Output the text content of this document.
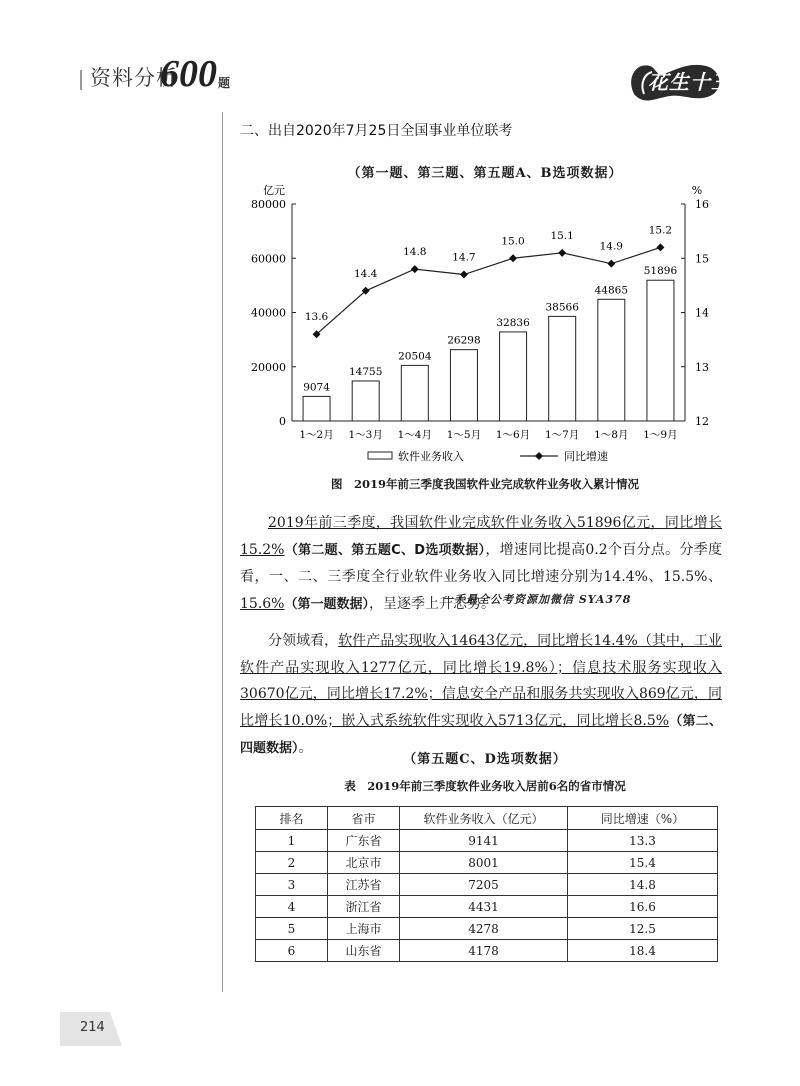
资料分析
600 题	花生十三
二、出自2020年7月25日全国事业单位联考
（第一题、第三题、第五题A、B选项数据）
亿元	%
0
20000
40000
60000
80000
12
13
14
15
16
1～2月 1～3月 1～4月 1～5月 1～6月 1～7月 1～8月 1～9月
9074
14755
20504
26298
32836
38566
44865
51896
13.6
14.4
14.8 14.7
15.0 15.1
14.9
15.2
软件业务收入	同比增速
图　2019年前三季度我国软件业完成软件业务收入累计情况
2019年前三季度，我国软件业完成软件业务收入51896亿元，同比增长15.2%（第二题、第五题C、D选项数据），增速同比提高0.2个百分点。分季度看，一、二、三季度全行业软件业务收入同比增速分别为14.4%、15.5%、15.6%（第一题数据），呈逐季上升态势。
一手最全公考资源加微信 SYA378
分领域看，软件产品实现收入14643亿元，同比增长14.4%（其中，工业软件产品实现收入1277亿元，同比增长19.8%）；信息技术服务实现收入30670亿元，同比增长17.2%；信息安全产品和服务共实现收入869亿元，同比增长10.0%；嵌入式系统软件实现收入5713亿元，同比增长8.5%（第二、四题数据）。
（第五题C、D选项数据）
表　2019年前三季度软件业务收入居前6名的省市情况
排名	省市	软件业务收入（亿元）	同比增速（%）
1	广东省	9141	13.3
2	北京市	8001	15.4
3	江苏省	7205	14.8
4	浙江省	4431	16.6
5	上海市	4278	12.5
6	山东省	4178	18.4
214
